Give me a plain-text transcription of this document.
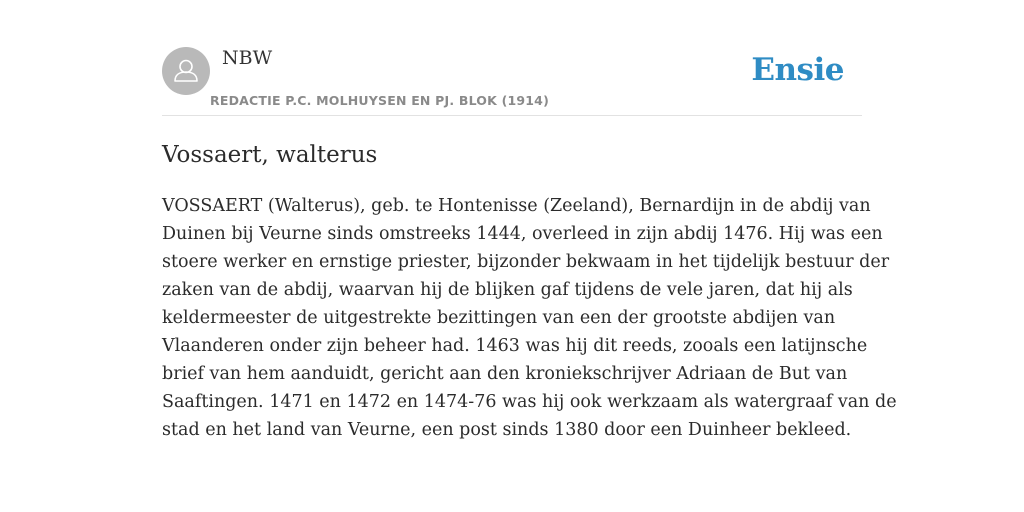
NBW
REDACTIE P.C. MOLHUYSEN EN PJ. BLOK (1914)
Ensie
Vossaert, walterus

VOSSAERT (Walterus), geb. te Hontenisse (Zeeland), Bernardijn in de abdij van
Duinen bij Veurne sinds omstreeks 1444, overleed in zijn abdij 1476. Hij was een
stoere werker en ernstige priester, bijzonder bekwaam in het tijdelijk bestuur der
zaken van de abdij, waarvan hij de blijken gaf tijdens de vele jaren, dat hij als
keldermeester de uitgestrekte bezittingen van een der grootste abdijen van
Vlaanderen onder zijn beheer had. 1463 was hij dit reeds, zooals een latijnsche
brief van hem aanduidt, gericht aan den kroniekschrijver Adriaan de But van
Saaftingen. 1471 en 1472 en 1474-76 was hij ook werkzaam als watergraaf van de
stad en het land van Veurne, een post sinds 1380 door een Duinheer bekleed.
